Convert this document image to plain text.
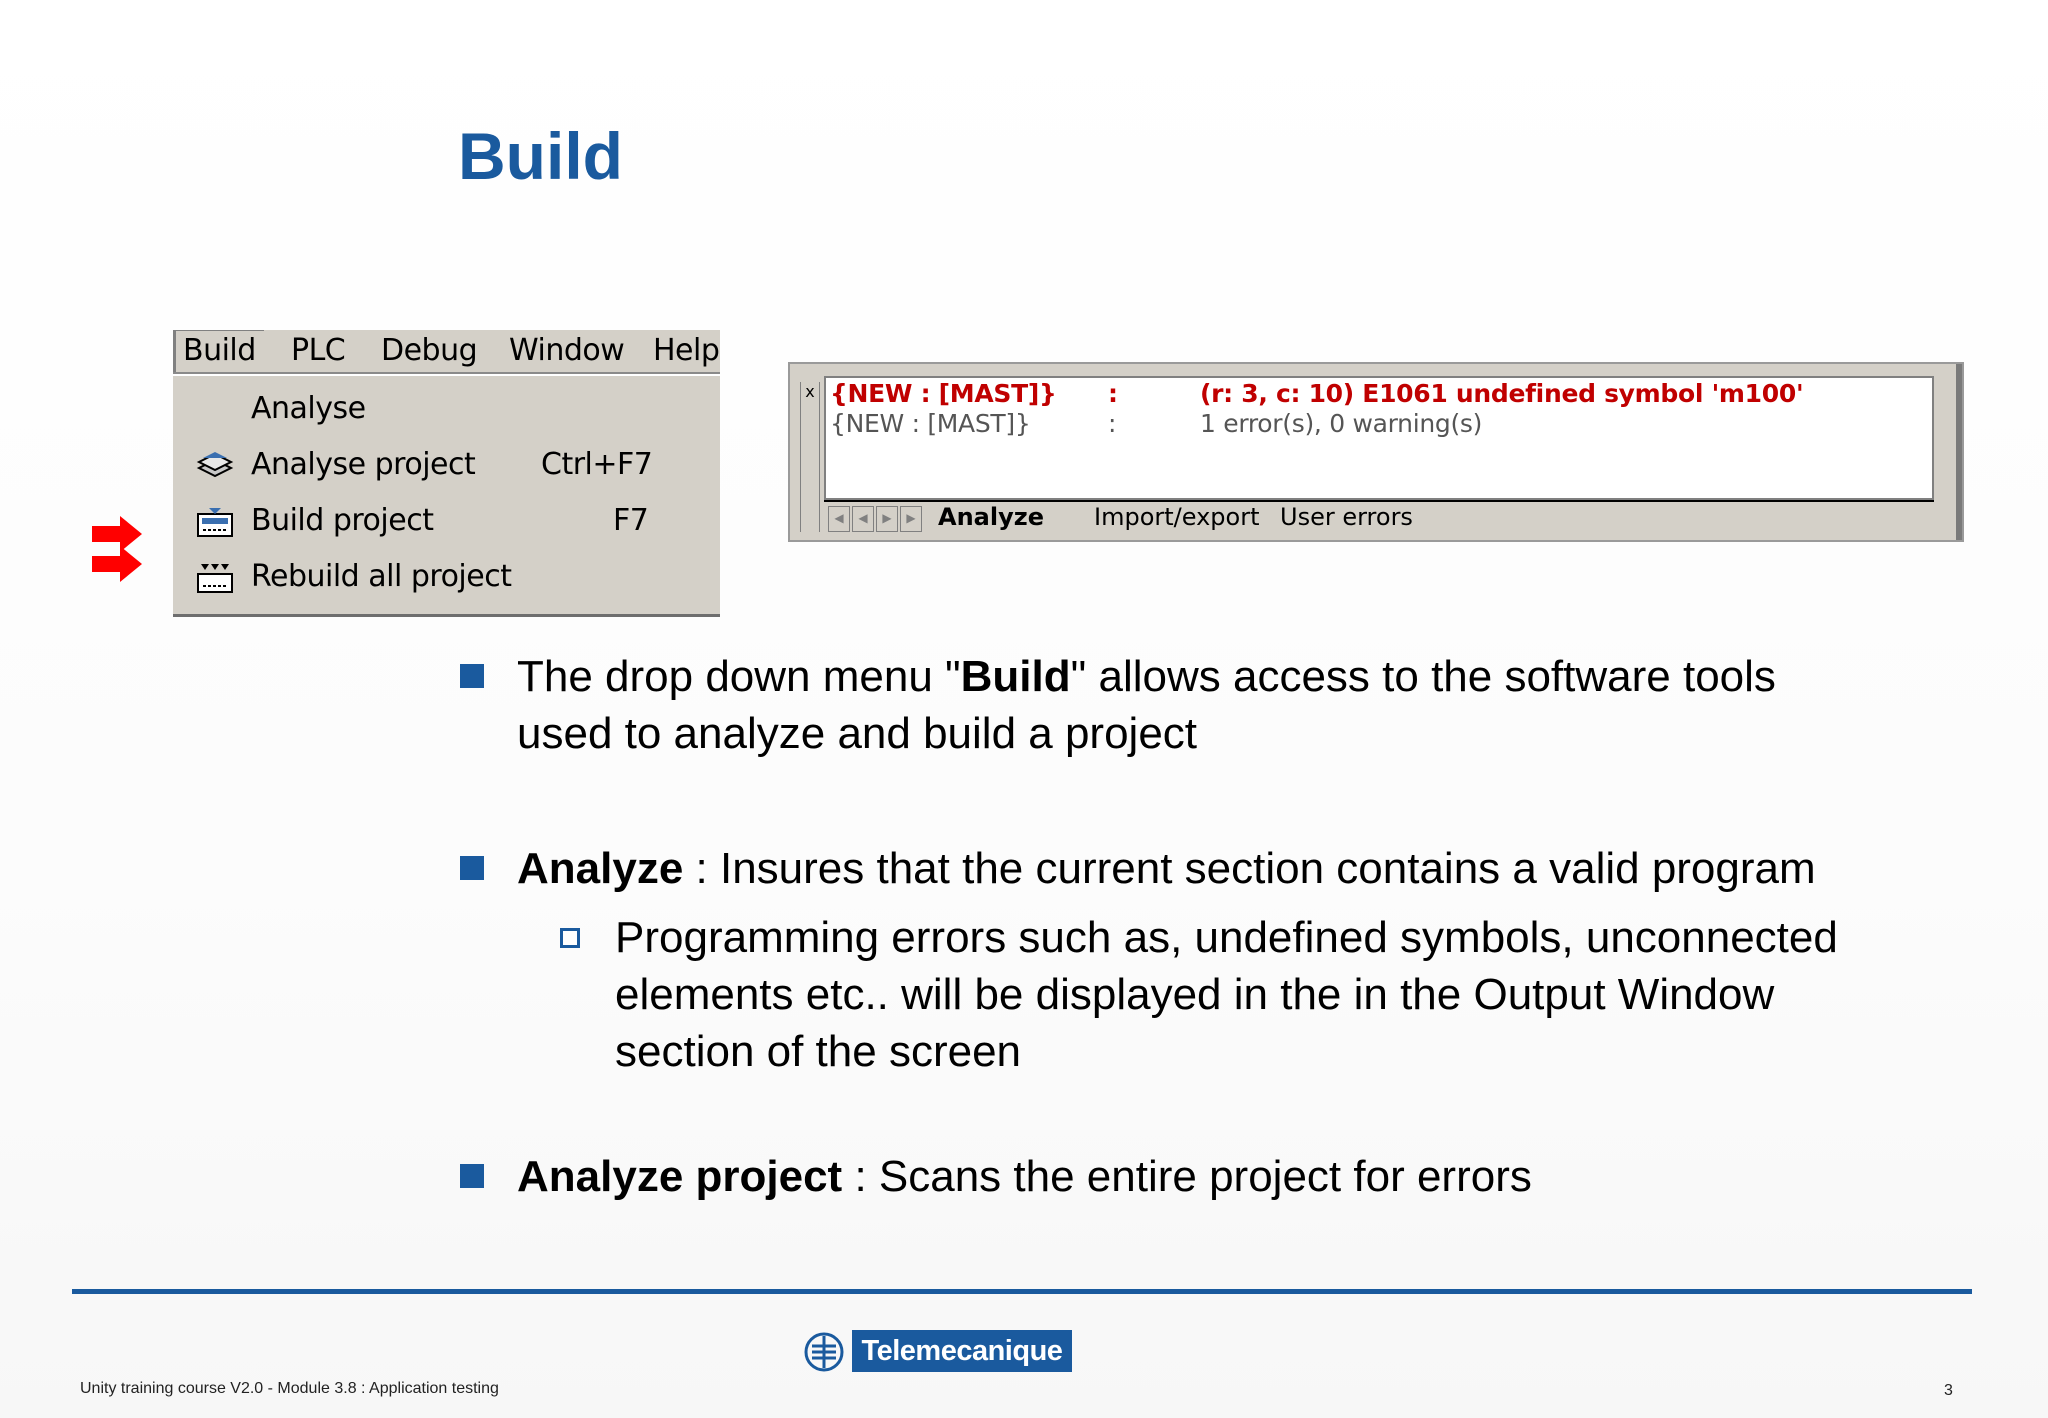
Build
Build PLC Debug Window Help
Analyse
Analyse project Ctrl+F7
Build project	F7
Rebuild all project
x {NEW : [MAST]} :	(r: 3, c: 10) E1061 undefined symbol 'm100'
{NEW : [MAST]}	:	1 error(s), 0 warning(s)
◀	◀	▶	▶ Analyze Import/export User errors
The drop down menu "Build" allows access to the software tools
used to analyze and build a project
Analyze : Insures that the current section contains a valid program
Programming errors such as, undefined symbols, unconnected
elements etc.. will be displayed in the in the Output Window
section of the screen
Analyze project : Scans the entire project for errors
Telemecanique
Unity training course V2.0 - Module 3.8 : Application testing	3
